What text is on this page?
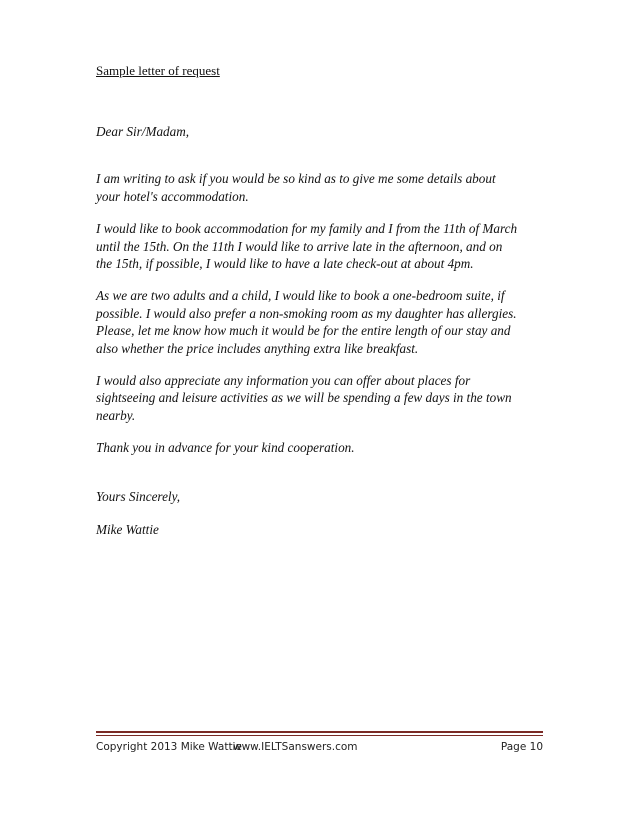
Sample letter of request

Dear Sir/Madam,

I am writing to ask if you would be so kind as to give me some details about
your hotel's accommodation.

I would like to book accommodation for my family and I from the 11th of March
until the 15th. On the 11th I would like to arrive late in the afternoon, and on
the 15th, if possible, I would like to have a late check-out at about 4pm.

As we are two adults and a child, I would like to book a one-bedroom suite, if
possible. I would also prefer a non-smoking room as my daughter has allergies.
Please, let me know how much it would be for the entire length of our stay and
also whether the price includes anything extra like breakfast.

I would also appreciate any information you can offer about places for
sightseeing and leisure activities as we will be spending a few days in the town
nearby.

Thank you in advance for your kind cooperation.

Yours Sincerely,

Mike Wattie

Copyright 2013 Mike Wattie
www.IELTSanswers.com	Page 10
